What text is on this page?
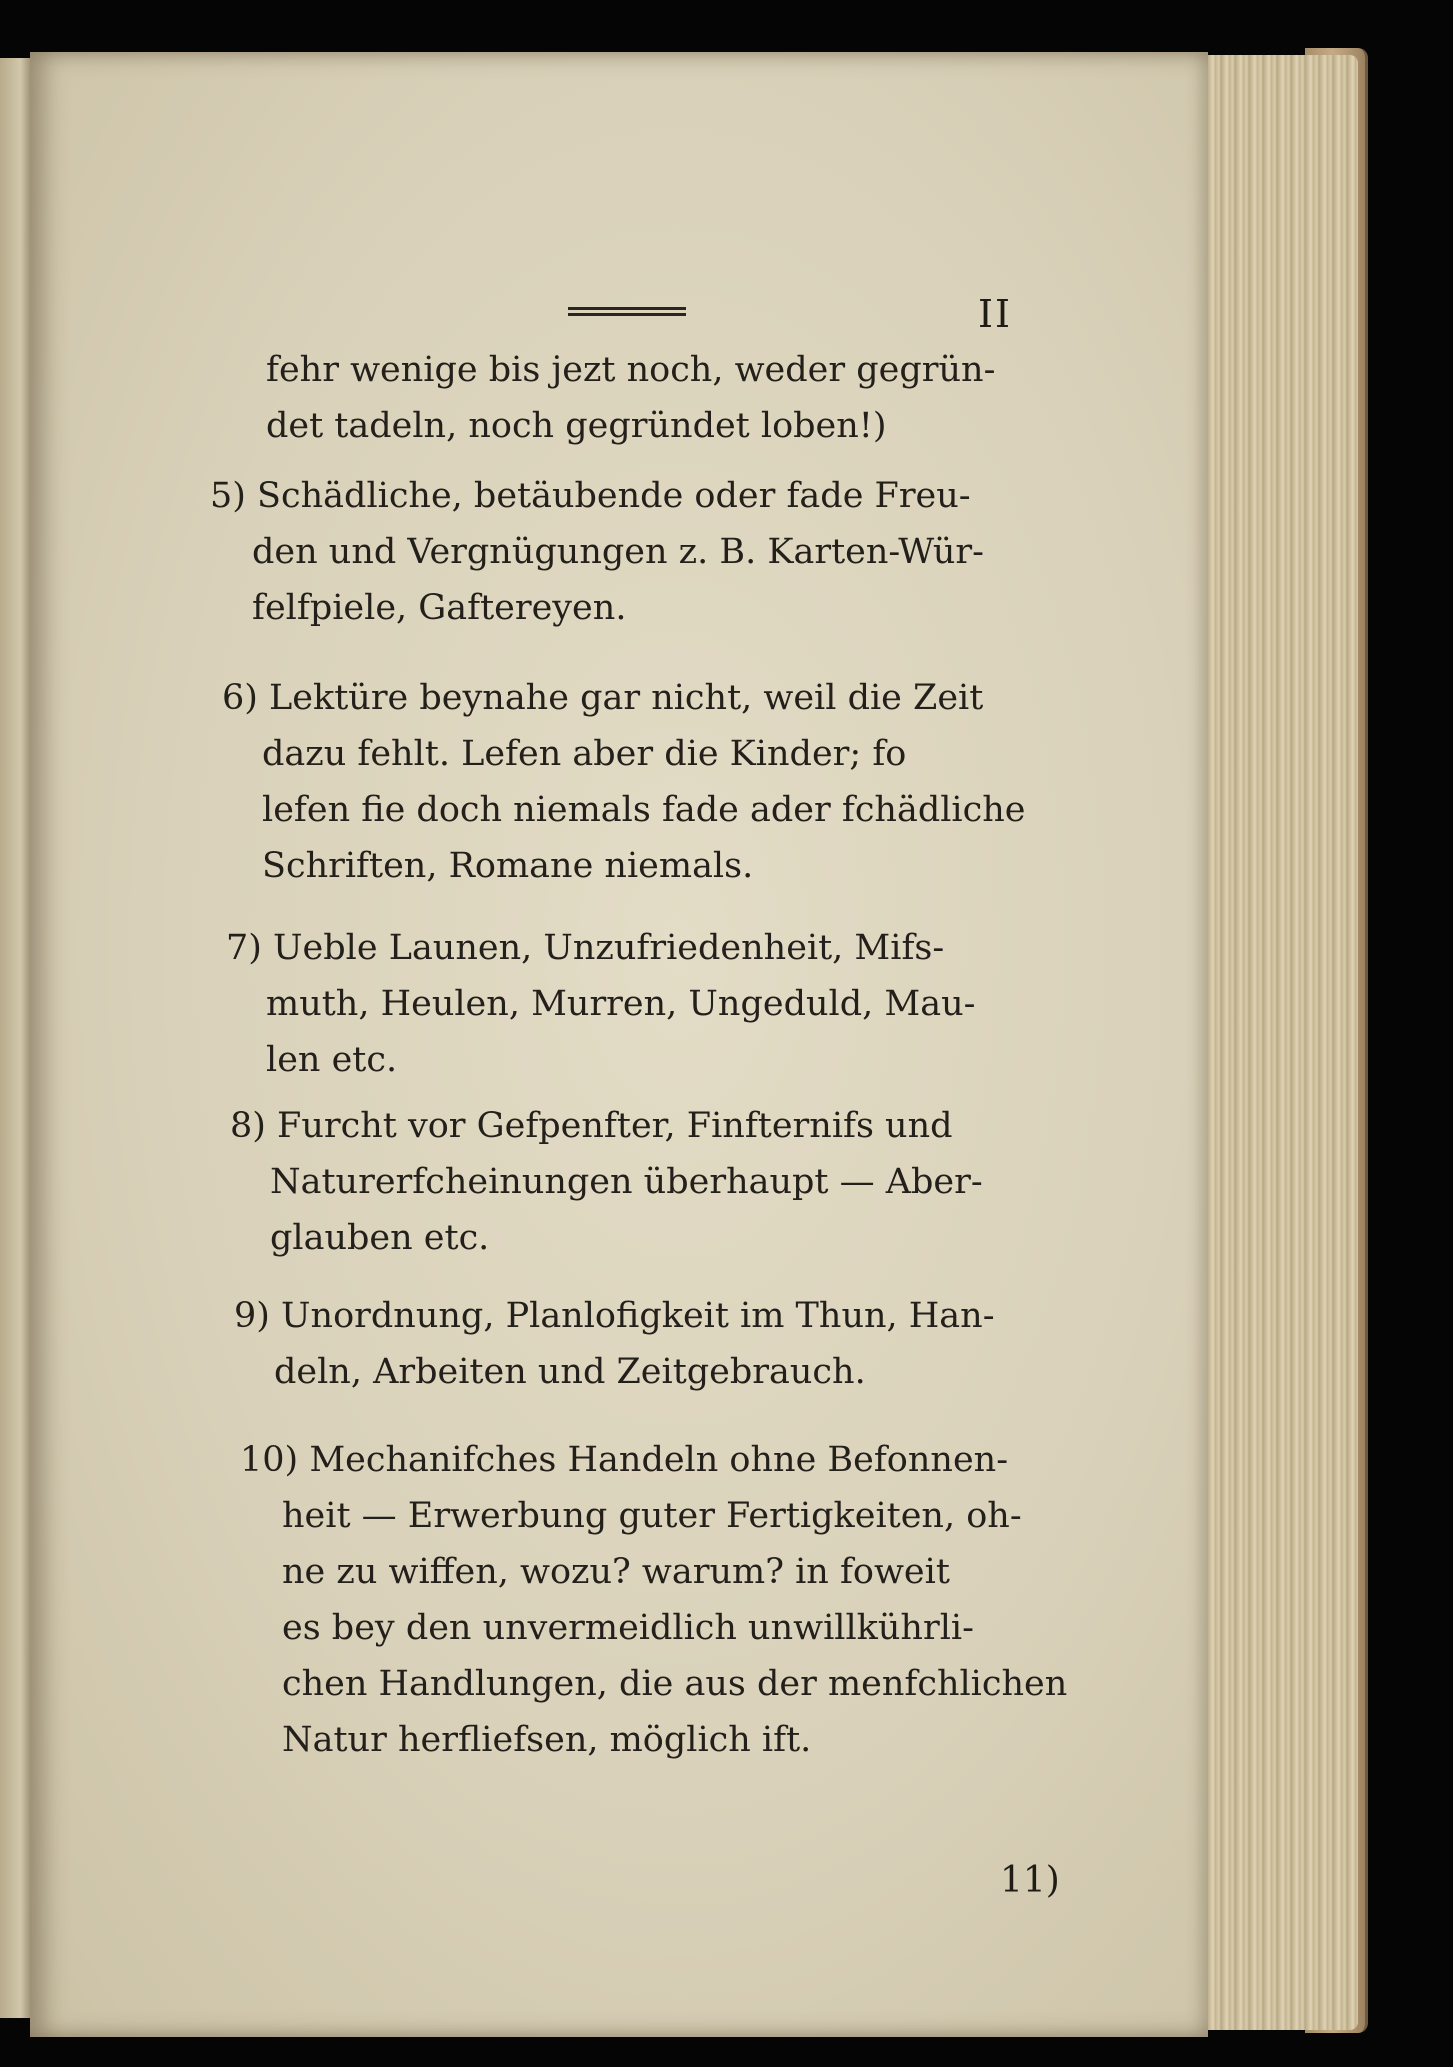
II

fehr wenige bis jezt noch, weder gegrün-

det tadeln, noch gegründet loben!)

5) Schädliche, betäubende oder fade Freu-

den und Vergnügungen z. B. Karten-Wür-

felfpiele, Gaftereyen.

6) Lektüre beynahe gar nicht, weil die Zeit

dazu fehlt. Lefen aber die Kinder; fo

lefen fie doch niemals fade ader fchädliche

Schriften, Romane niemals.

7) Ueble Launen, Unzufriedenheit, Mifs-

muth, Heulen, Murren, Ungeduld, Mau-

len etc.

8) Furcht vor Gefpenfter, Finfternifs und

Naturerfcheinungen überhaupt — Aber-

glauben etc.

9) Unordnung, Planlofigkeit im Thun, Han-

deln, Arbeiten und Zeitgebrauch.

10) Mechanifches Handeln ohne Befonnen-

heit — Erwerbung guter Fertigkeiten, oh-

ne zu wiffen, wozu? warum? in foweit

es bey den unvermeidlich unwillkührli-

chen Handlungen, die aus der menfchlichen

Natur herfliefsen, möglich ift.

11)
